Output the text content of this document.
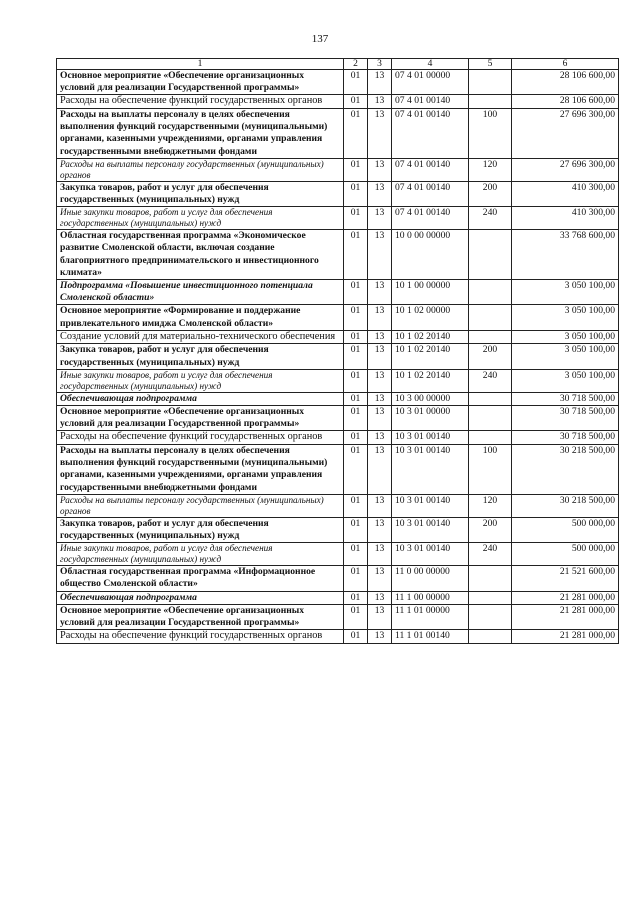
137
1	2	3	4	5	6
Основное мероприятие «Обеспечение организационных условий для реализации Государственной программы»	01	13	07 4 01 00000		28 106 600,00
Расходы на обеспечение функций государственных органов	01	13	07 4 01 00140		28 106 600,00
Расходы на выплаты персоналу в целях обеспечения выполнения функций государственными (муниципальными) органами, казенными учреждениями, органами управления государственными внебюджетными фондами	01	13	07 4 01 00140	100	27 696 300,00
Расходы на выплаты персоналу государственных (муниципальных) органов	01	13	07 4 01 00140	120	27 696 300,00
Закупка товаров, работ и услуг для обеспечения государственных (муниципальных) нужд	01	13	07 4 01 00140	200	410 300,00
Иные закупки товаров, работ и услуг для обеспечения государственных (муниципальных) нужд	01	13	07 4 01 00140	240	410 300,00
Областная государственная программа «Экономическое развитие Смоленской области, включая создание благоприятного предпринимательского и инвестиционного климата»	01	13	10 0 00 00000		33 768 600,00
Подпрограмма «Повышение инвестиционного потенциала Смоленской области»	01	13	10 1 00 00000		3 050 100,00
Основное мероприятие «Формирование и поддержание привлекательного имиджа Смоленской области»	01	13	10 1 02 00000		3 050 100,00
Создание условий для материально-технического обеспечения	01	13	10 1 02 20140		3 050 100,00
Закупка товаров, работ и услуг для обеспечения государственных (муниципальных) нужд	01	13	10 1 02 20140	200	3 050 100,00
Иные закупки товаров, работ и услуг для обеспечения государственных (муниципальных) нужд	01	13	10 1 02 20140	240	3 050 100,00
Обеспечивающая подпрограмма	01	13	10 3 00 00000		30 718 500,00
Основное мероприятие «Обеспечение организационных условий для реализации Государственной программы»	01	13	10 3 01 00000		30 718 500,00
Расходы на обеспечение функций государственных органов	01	13	10 3 01 00140		30 718 500,00
Расходы на выплаты персоналу в целях обеспечения выполнения функций государственными (муниципальными) органами, казенными учреждениями, органами управления государственными внебюджетными фондами	01	13	10 3 01 00140	100	30 218 500,00
Расходы на выплаты персоналу государственных (муниципальных) органов	01	13	10 3 01 00140	120	30 218 500,00
Закупка товаров, работ и услуг для обеспечения государственных (муниципальных) нужд	01	13	10 3 01 00140	200	500 000,00
Иные закупки товаров, работ и услуг для обеспечения государственных (муниципальных) нужд	01	13	10 3 01 00140	240	500 000,00
Областная государственная программа «Информационное общество Смоленской области»	01	13	11 0 00 00000		21 521 600,00
Обеспечивающая подпрограмма	01	13	11 1 00 00000		21 281 000,00
Основное мероприятие «Обеспечение организационных условий для реализации Государственной программы»	01	13	11 1 01 00000		21 281 000,00
Расходы на обеспечение функций государственных органов	01	13	11 1 01 00140		21 281 000,00
